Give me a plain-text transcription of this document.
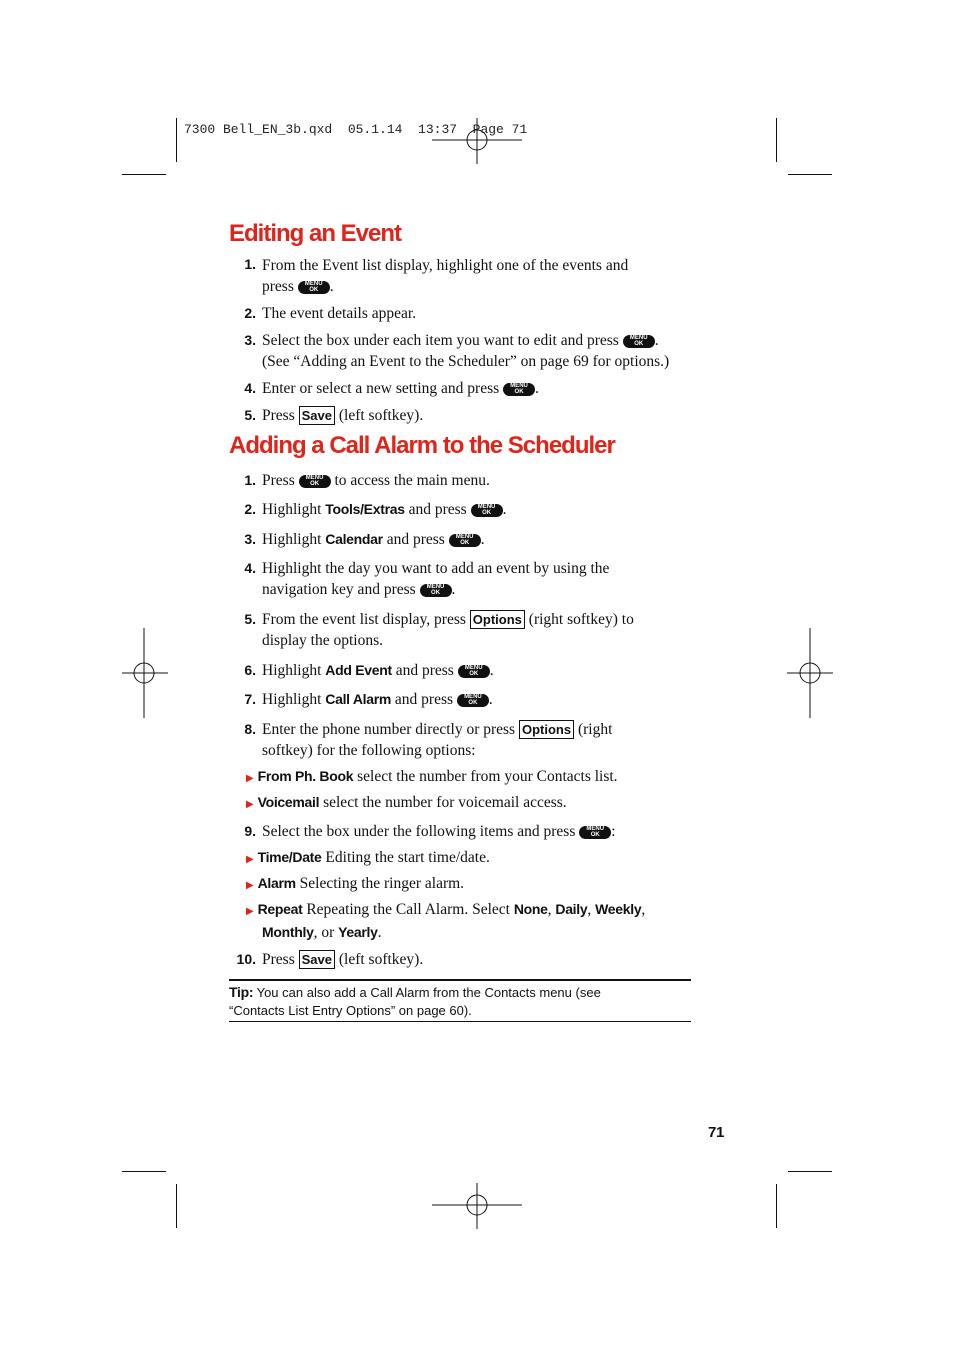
7300 Bell_EN_3b.qxd  05.1.14  13:37  Page 71
Editing an Event
1. From the Event list display, highlight one of the events and
press	MENU
OK .
2. The event details appear.
3. Select the box under each item you want to edit and press	MENU
OK .
(See “Adding an Event to the Scheduler” on page 69 for options.)
4. Enter or select a new setting and press	MENU
OK .
5. Press Save (left softkey).
Adding a Call Alarm to the Scheduler
1. Press	MENU
OK to access the main menu.
2. Highlight Tools/Extras and press	MENU
OK .
3. Highlight Calendar and press	MENU
OK .
4. Highlight the day you want to add an event by using the
navigation key and press	MENU
OK .
5. From the event list display, press Options (right softkey) to
display the options.
6. Highlight Add Event and press	MENU
OK .
7. Highlight Call Alarm and press	MENU
OK .
8. Enter the phone number directly or press Options (right
softkey) for the following options:
▶ From Ph. Book select the number from your Contacts list.
▶ Voicemail select the number for voicemail access.
9. Select the box under the following items and press	MENU
OK :
▶ Time/Date Editing the start time/date.
▶ Alarm Selecting the ringer alarm.
▶ Repeat Repeating the Call Alarm. Select None, Daily, Weekly,
Monthly, or Yearly.
10. Press Save (left softkey).
Tip: You can also add a Call Alarm from the Contacts menu (see
“Contacts List Entry Options” on page 60).
71
